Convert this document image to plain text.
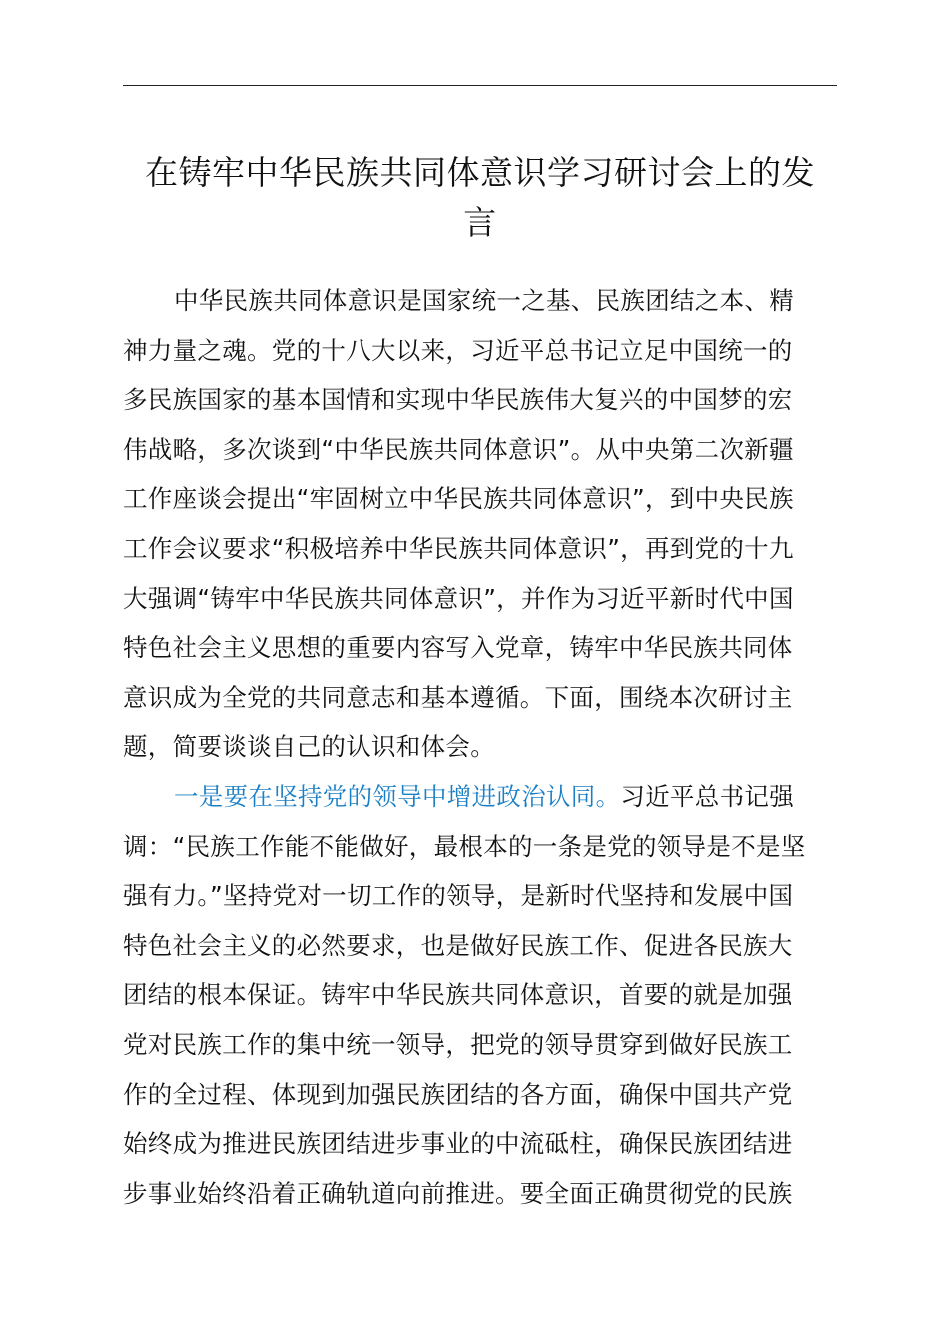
在铸牢中华民族共同体意识学习研讨会上的发
言
中华民族共同体意识是国家统一之基、民族团结之本、精
神力量之魂。党的十八大以来，习近平总书记立足中国统一的
多民族国家的基本国情和实现中华民族伟大复兴的中国梦的宏
伟战略，多次谈到“中华民族共同体意识”。从中央第二次新疆
工作座谈会提出“牢固树立中华民族共同体意识”，到中央民族
工作会议要求“积极培养中华民族共同体意识”，再到党的十九
大强调“铸牢中华民族共同体意识”，并作为习近平新时代中国
特色社会主义思想的重要内容写入党章，铸牢中华民族共同体
意识成为全党的共同意志和基本遵循。下面，围绕本次研讨主
题，简要谈谈自己的认识和体会。
一是要在坚持党的领导中增进政治认同。习近平总书记强
调：“民族工作能不能做好，最根本的一条是党的领导是不是坚
强有力。”坚持党对一切工作的领导，是新时代坚持和发展中国
特色社会主义的必然要求，也是做好民族工作、促进各民族大
团结的根本保证。铸牢中华民族共同体意识，首要的就是加强
党对民族工作的集中统一领导，把党的领导贯穿到做好民族工
作的全过程、体现到加强民族团结的各方面，确保中国共产党
始终成为推进民族团结进步事业的中流砥柱，确保民族团结进
步事业始终沿着正确轨道向前推进。要全面正确贯彻党的民族
